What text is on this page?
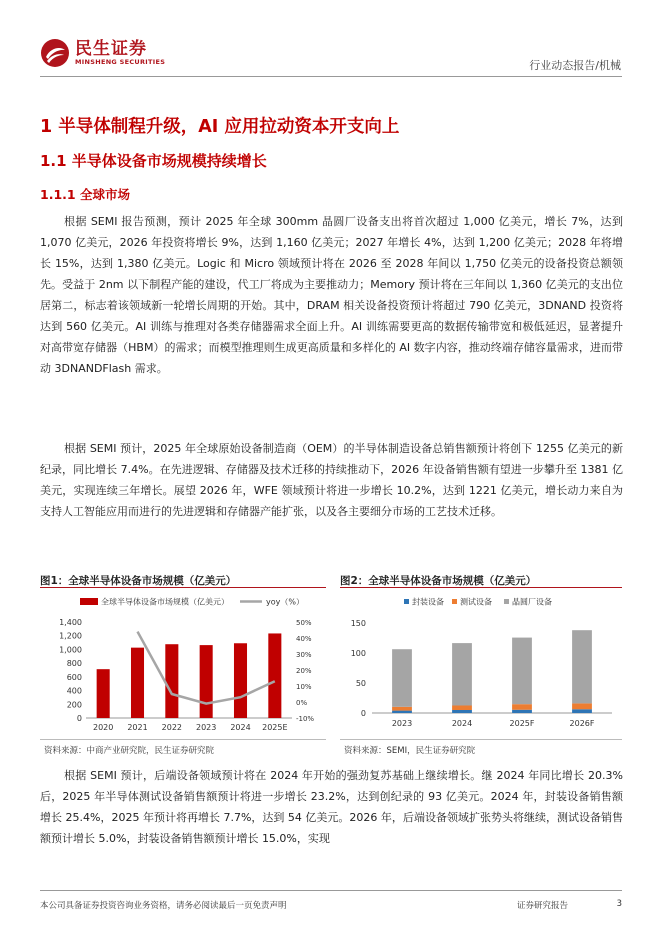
民生证券
MINSHENG SECURITIES	行业动态报告/机械
1 半导体制程升级，AI 应用拉动资本开支向上
1.1 半导体设备市场规模持续增长
1.1.1 全球市场

根据 SEMI 报告预测，预计 2025 年全球 300mm 晶圆厂设备支出将首次超过 1,000 亿美元，增长 7%，达到 1,070 亿美元，2026 年投资将增长 9%，达到 1,160 亿美元；2027 年增长 4%，达到 1,200 亿美元；2028 年将增长 15%，达到 1,380 亿美元。Logic 和 Micro 领域预计将在 2026 至 2028 年间以 1,750 亿美元的设备投资总额领先。受益于 2nm 以下制程产能的建设，代工厂将成为主要推动力；Memory 预计将在三年间以 1,360 亿美元的支出位居第二，标志着该领域新一轮增长周期的开始。其中，DRAM 相关设备投资预计将超过 790 亿美元，3DNAND 投资将达到 560 亿美元。AI 训练与推理对各类存储器需求全面上升。AI 训练需要更高的数据传输带宽和极低延迟，显著提升对高带宽存储器（HBM）的需求；而模型推理则生成更高质量和多样化的 AI 数字内容，推动终端存储容量需求，进而带动 3DNANDFlash 需求。

根据 SEMI 预计，2025 年全球原始设备制造商（OEM）的半导体制造设备总销售额预计将创下 1255 亿美元的新纪录，同比增长 7.4%。在先进逻辑、存储器及技术迁移的持续推动下，2026 年设备销售额有望进一步攀升至 1381 亿美元，实现连续三年增长。展望 2026 年，WFE 领域预计将进一步增长 10.2%，达到 1221 亿美元，增长动力来自为支持人工智能应用而进行的先进逻辑和存储器产能扩张，以及各主要细分市场的工艺技术迁移。

图1：全球半导体设备市场规模（亿美元）	图2：全球半导体设备市场规模（亿美元）
全球半导体设备市场规模（亿美元）	yoy（%）
0
200
400
600
800
1,000
1,200
1,400
-10%
0%
10%
20%
30%
40%
50%
2020 2021 2022 2023 2024 2025E
封装设备 测试设备	晶圆厂设备
0
50
100
150
2023	2024	2025F	2026F
资料来源：中商产业研究院，民生证券研究院	资料来源：SEMI，民生证券研究院

根据 SEMI 预计，后端设备领域预计将在 2024 年开始的强劲复苏基础上继续增长。继 2024 年同比增长 20.3%后，2025 年半导体测试设备销售额预计将进一步增长 23.2%，达到创纪录的 93 亿美元。2024 年，封装设备销售额增长 25.4%，2025 年预计将再增长 7.7%，达到 54 亿美元。2026 年，后端设备领域扩张势头将继续，测试设备销售额预计增长 5.0%，封装设备销售额预计增长 15.0%，实现

本公司具备证券投资咨询业务资格，请务必阅读最后一页免责声明	证券研究报告	3
